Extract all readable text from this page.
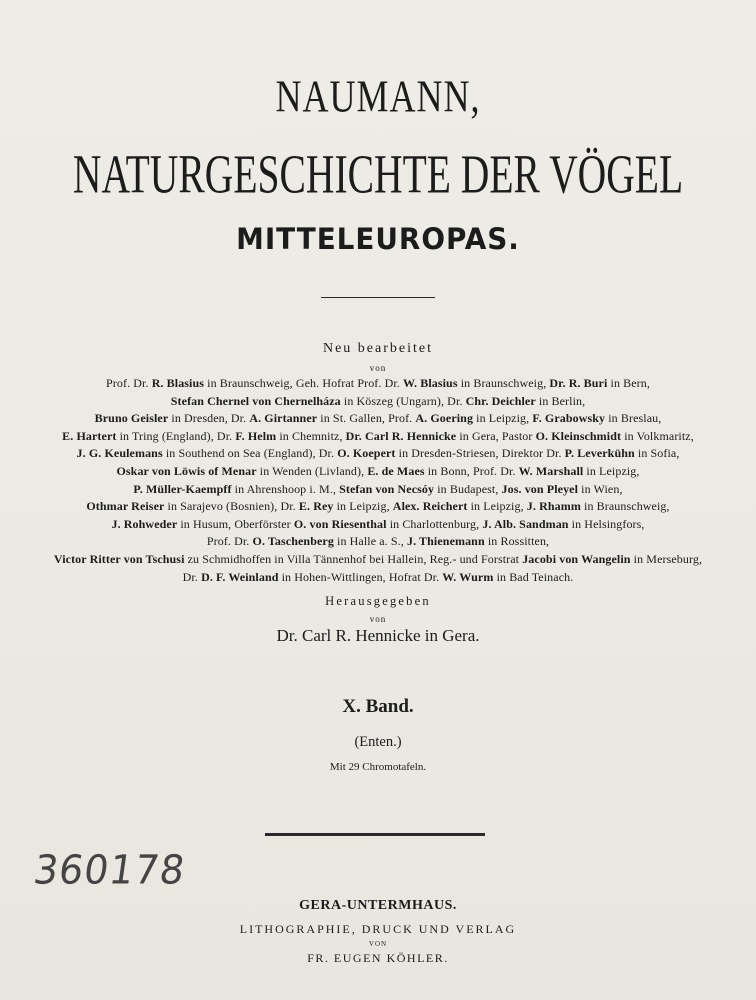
NAUMANN,
NATURGESCHICHTE DER VÖGEL
MITTELEUROPAS.
Neu bearbeitet
von
Prof. Dr. R. Blasius in Braunschweig, Geh. Hofrat Prof. Dr. W. Blasius in Braunschweig, Dr. R. Buri in Bern,
Stefan Chernel von Chernelháza in Köszeg (Ungarn), Dr. Chr. Deichler in Berlin,
Bruno Geisler in Dresden, Dr. A. Girtanner in St. Gallen, Prof. A. Goering in Leipzig, F. Grabowsky in Breslau,
E. Hartert in Tring (England), Dr. F. Helm in Chemnitz, Dr. Carl R. Hennicke in Gera, Pastor O. Kleinschmidt in Volkmaritz,
J. G. Keulemans in Southend on Sea (England), Dr. O. Koepert in Dresden-Striesen, Direktor Dr. P. Leverkühn in Sofia,
Oskar von Löwis of Menar in Wenden (Livland), E. de Maes in Bonn, Prof. Dr. W. Marshall in Leipzig,
P. Müller-Kaempff in Ahrenshoop i. M., Stefan von Necsóy in Budapest, Jos. von Pleyel in Wien,
Othmar Reiser in Sarajevo (Bosnien), Dr. E. Rey in Leipzig, Alex. Reichert in Leipzig, J. Rhamm in Braunschweig,
J. Rohweder in Husum, Oberförster O. von Riesenthal in Charlottenburg, J. Alb. Sandman in Helsingfors,
Prof. Dr. O. Taschenberg in Halle a. S., J. Thienemann in Rossitten,
Victor Ritter von Tschusi zu Schmidhoffen in Villa Tännenhof bei Hallein, Reg.- und Forstrat Jacobi von Wangelin in Merseburg,
Dr. D. F. Weinland in Hohen-Wittlingen, Hofrat Dr. W. Wurm in Bad Teinach.
Herausgegeben
von
Dr. Carl R. Hennicke in Gera.
X. Band.
(Enten.)
Mit 29 Chromotafeln.
360178
GERA-UNTERMHAUS.
LITHOGRAPHIE, DRUCK UND VERLAG
VON
FR. EUGEN KÖHLER.
